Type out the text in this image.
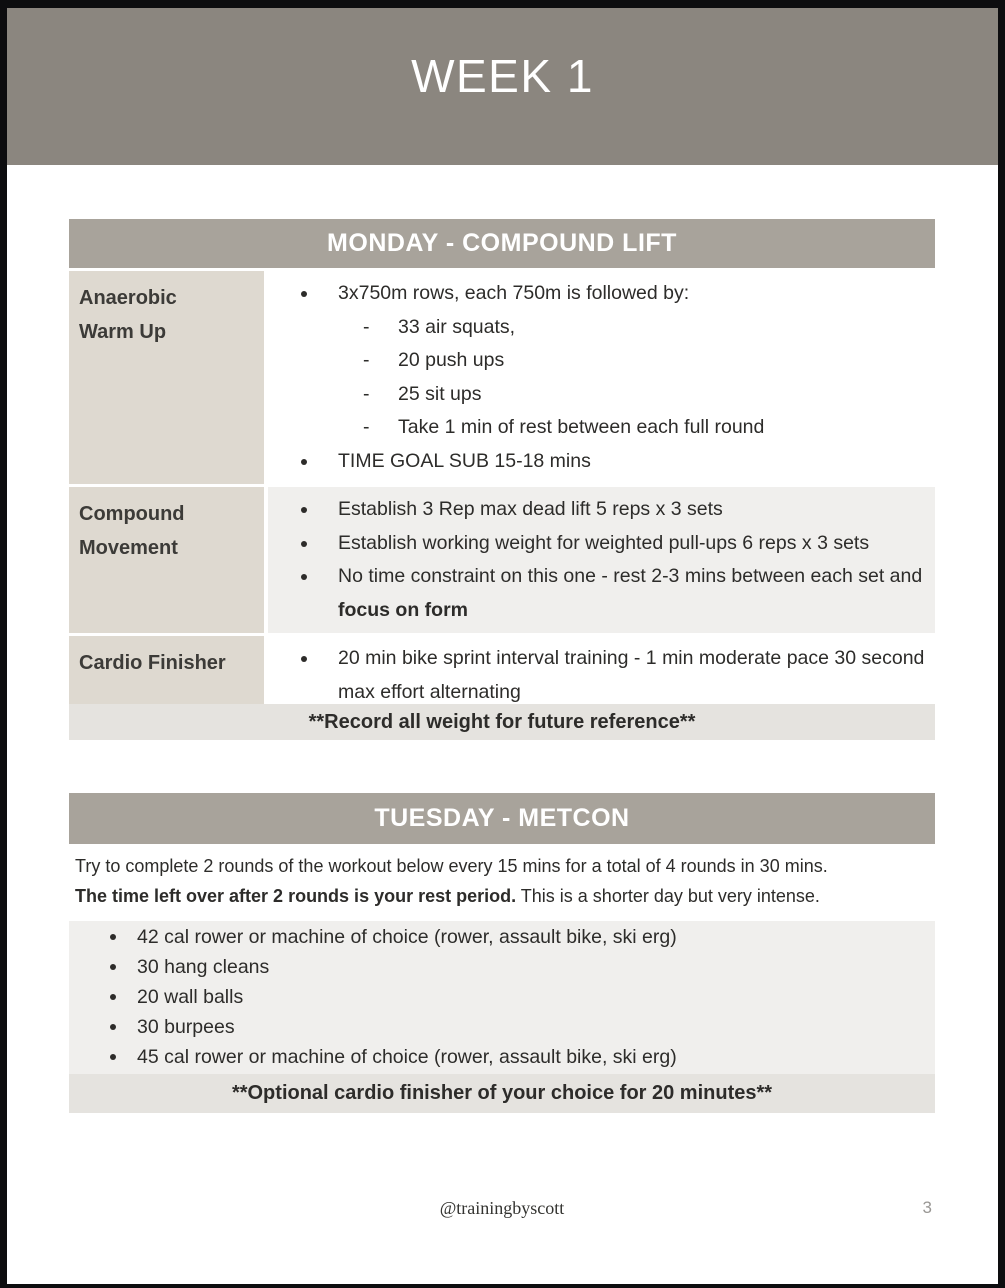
WEEK 1
MONDAY - COMPOUND LIFT
Anaerobic Warm Up
3x750m rows, each 750m is followed by:
- 33 air squats,
- 20 push ups
- 25 sit ups
- Take 1 min of rest between each full round
TIME GOAL SUB 15-18 mins
Compound Movement
Establish 3 Rep max dead lift 5 reps x 3 sets
Establish working weight for weighted pull-ups 6 reps x 3 sets
No time constraint on this one - rest 2-3 mins between each set and focus on form
Cardio Finisher	20 min bike sprint interval training - 1 min moderate pace 30 second max effort alternating
**Record all weight for future reference**
TUESDAY - METCON
Try to complete 2 rounds of the workout below every 15 mins for a total of 4 rounds in 30 mins.
The time left over after 2 rounds is your rest period. This is a shorter day but very intense.
42 cal rower or machine of choice (rower, assault bike, ski erg)
30 hang cleans
20 wall balls
30 burpees
45 cal rower or machine of choice (rower, assault bike, ski erg)
**Optional cardio finisher of your choice for 20 minutes**
@trainingbyscott	3
